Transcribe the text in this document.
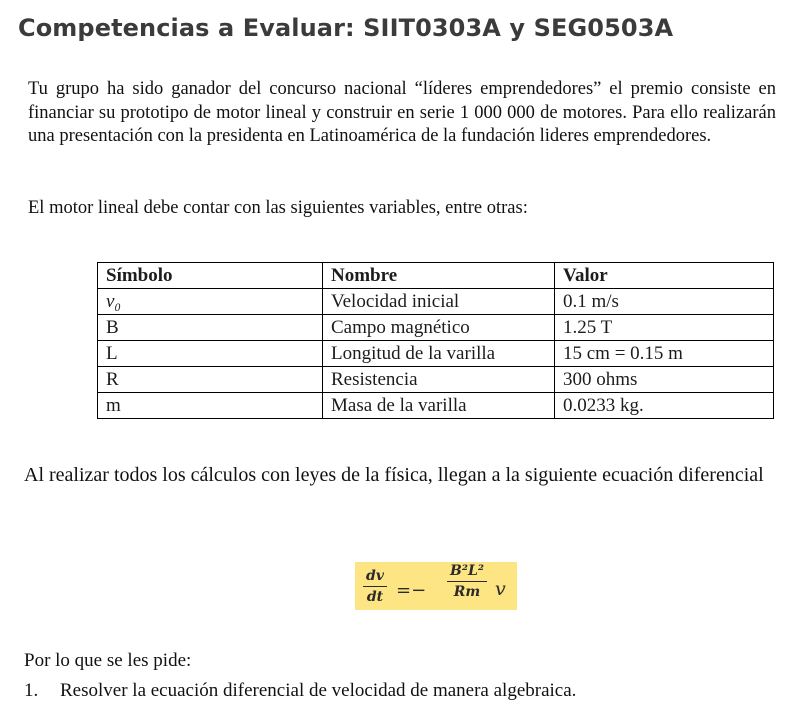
Competencias a Evaluar: SIIT0303A y SEG0503A

Tu grupo ha sido ganador del concurso nacional “líderes emprendedores” el premio consiste en financiar su prototipo de motor lineal y construir en serie 1 000 000 de motores. Para ello realizarán una presentación con la presidenta en Latinoamérica de la fundación lideres emprendedores.

El motor lineal debe contar con las siguientes variables, entre otras:

Símbolo	Nombre	Valor
v₀	Velocidad inicial	0.1 m/s
B	Campo magnético	1.25 T
L	Longitud de la varilla	15 cm = 0.15 m
R	Resistencia	300 ohms
m	Masa de la varilla	0.0233 kg.

Al realizar todos los cálculos con leyes de la física, llegan a la siguiente ecuación diferencial

dv
dt =−
B²L²
Rm v

Por lo que se les pide:

1. Resolver la ecuación diferencial de velocidad de manera algebraica.
